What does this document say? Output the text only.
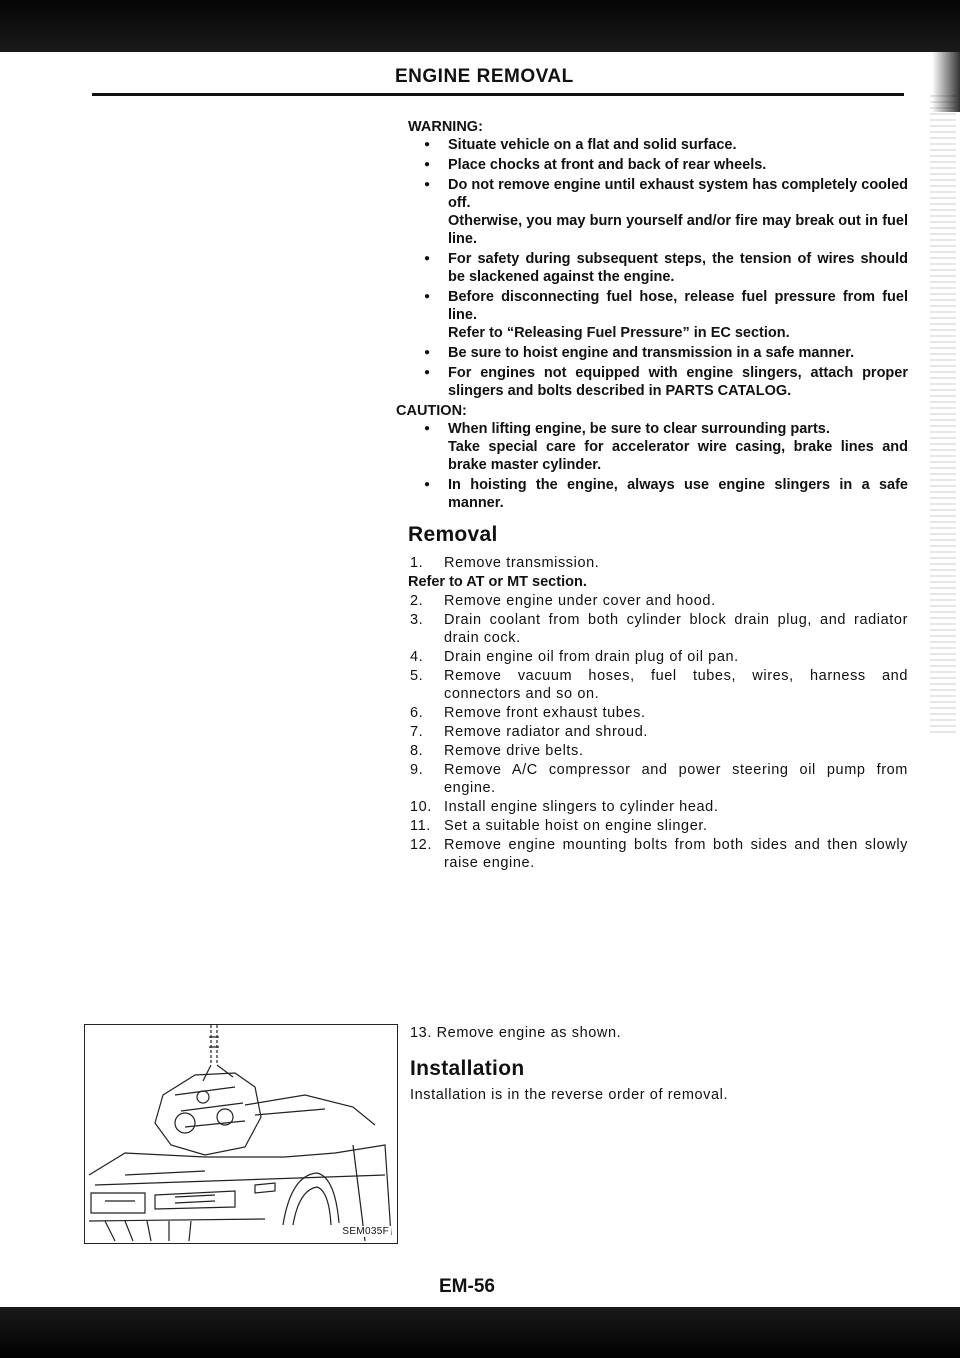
ENGINE REMOVAL

WARNING:

● Situate vehicle on a flat and solid surface.
● Place chocks at front and back of rear wheels.
● Do not remove engine until exhaust system has completely cooled off.
Otherwise, you may burn yourself and/or fire may break out in fuel line.
● For safety during subsequent steps, the tension of wires should be slackened against the engine.
● Before disconnecting fuel hose, release fuel pressure from fuel line.
Refer to “Releasing Fuel Pressure” in EC section.
● Be sure to hoist engine and transmission in a safe manner.
● For engines not equipped with engine slingers, attach proper slingers and bolts described in PARTS CATALOG.

CAUTION:

● When lifting engine, be sure to clear surrounding parts.
Take special care for accelerator wire casing, brake lines and brake master cylinder.
● In hoisting the engine, always use engine slingers in a safe manner.
Removal
1. Remove transmission.

Refer to AT or MT section.

2. Remove engine under cover and hood.
3. Drain coolant from both cylinder block drain plug, and radiator drain cock.
4. Drain engine oil from drain plug of oil pan.
5. Remove vacuum hoses, fuel tubes, wires, harness and connectors and so on.
6. Remove front exhaust tubes.
7. Remove radiator and shroud.
8. Remove drive belts.
9. Remove A/C compressor and power steering oil pump from engine.
10. Install engine slingers to cylinder head.
11. Set a suitable hoist on engine slinger.
12. Remove engine mounting bolts from both sides and then slowly raise engine.
SEM035F
13. Remove engine as shown.
Installation

Installation is in the reverse order of removal.

EM-56
